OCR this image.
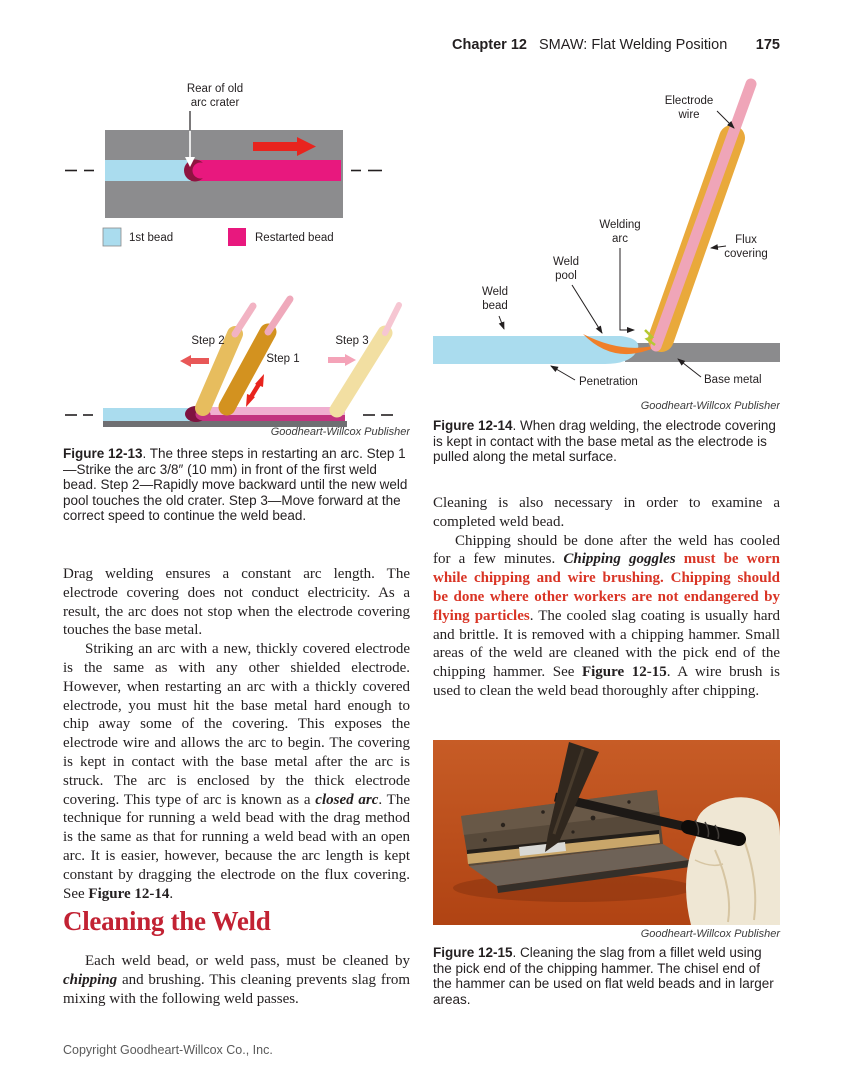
Chapter 12 SMAW: Flat Welding Position 175
Rear of old
arc crater
1st bead	Restarted bead
Step 2
Step 1
Step 3
Goodheart-Willcox Publisher
Figure 12-13. The three steps in restarting an arc. Step 1—Strike the arc 3/8″ (10 mm) in front of the first weld bead. Step 2—Rapidly move backward until the new weld pool touches the old crater. Step 3—Move forward at the correct speed to continue the weld bead.

Drag welding ensures a constant arc length. The electrode covering does not conduct electricity. As a result, the arc does not stop when the electrode covering touches the base metal.

Striking an arc with a new, thickly covered electrode is the same as with any other shielded electrode. However, when restarting an arc with a thickly covered electrode, you must hit the base metal hard enough to chip away some of the covering. This exposes the electrode wire and allows the arc to begin. The covering is kept in contact with the base metal after the arc is struck. The arc is enclosed by the thick electrode covering. This type of arc is known as a closed arc. The technique for running a weld bead with the drag method is the same as that for running a weld bead with an open arc. It is easier, however, because the arc length is kept constant by dragging the electrode on the flux covering. See Figure 12-14.

Cleaning the Weld

Each weld bead, or weld pass, must be cleaned by chipping and brushing. This cleaning prevents slag from mixing with the following weld passes.

Electrode
wire
Welding
arc
Weld
pool
Weld
bead
Flux
covering
Penetration	Base metal
Goodheart-Willcox Publisher
Figure 12-14. When drag welding, the electrode covering is kept in contact with the base metal as the electrode is pulled along the metal surface.

Cleaning is also necessary in order to examine a completed weld bead.

Chipping should be done after the weld has cooled for a few minutes. Chipping goggles must be worn while chipping and wire brushing. Chipping should be done where other workers are not endangered by flying particles. The cooled slag coating is usually hard and brittle. It is removed with a chipping hammer. Small areas of the weld are cleaned with the pick end of the chipping hammer. See Figure 12-15. A wire brush is used to clean the weld bead thoroughly after chipping.

Goodheart-Willcox Publisher
Figure 12-15. Cleaning the slag from a fillet weld using the pick end of the chipping hammer. The chisel end of the hammer can be used on flat weld beads and in larger areas.
Copyright Goodheart-Willcox Co., Inc.
